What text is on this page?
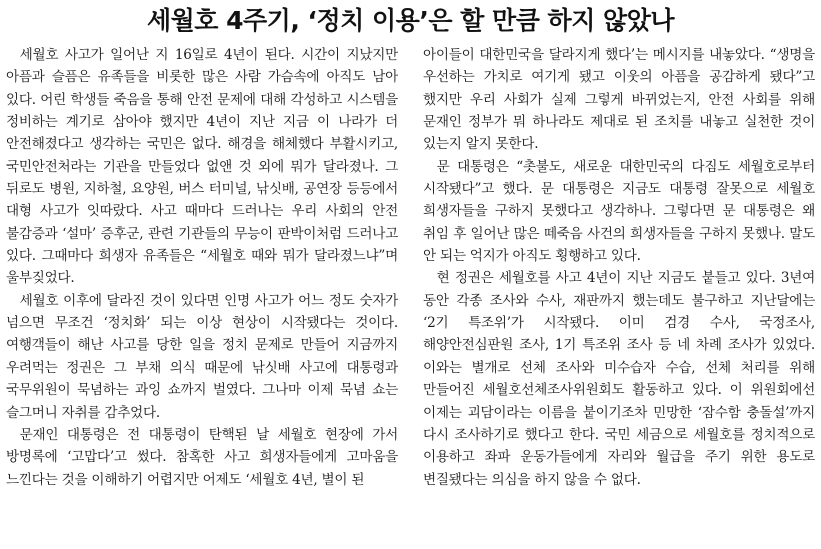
세월호 4주기, ‘정치 이용’은 할 만큼 하지 않았나

세월호 사고가 일어난 지 16일로 4년이 된다. 시간이 지났지만 아픔과 슬픔은 유족들을 비롯한 많은 사람 가슴속에 아직도 남아 있다. 어린 학생들 죽음을 통해 안전 문제에 대해 각성하고 시스템을 정비하는 계기로 삼아야 했지만 4년이 지난 지금 이 나라가 더 안전해졌다고 생각하는 국민은 없다. 해경을 해체했다 부활시키고, 국민안전처라는 기관을 만들었다 없앤 것 외에 뭐가 달라졌나. 그 뒤로도 병원, 지하철, 요양원, 버스 터미널, 낚싯배, 공연장 등등에서 대형 사고가 잇따랐다. 사고 때마다 드러나는 우리 사회의 안전 불감증과 ‘설마’ 증후군, 관련 기관들의 무능이 판박이처럼 드러나고 있다. 그때마다 희생자 유족들은 “세월호 때와 뭐가 달라졌느냐”며 울부짖었다.

세월호 이후에 달라진 것이 있다면 인명 사고가 어느 정도 숫자가 넘으면 무조건 ‘정치화’ 되는 이상 현상이 시작됐다는 것이다. 여행객들이 해난 사고를 당한 일을 정치 문제로 만들어 지금까지 우려먹는 정권은 그 부채 의식 때문에 낚싯배 사고에 대통령과 국무위원이 묵념하는 과잉 쇼까지 벌였다. 그나마 이제 묵념 쇼는 슬그머니 자취를 감추었다.

문재인 대통령은 전 대통령이 탄핵된 날 세월호 현장에 가서 방명록에 ‘고맙다’고 썼다. 참혹한 사고 희생자들에게 고마움을 느낀다는 것을 이해하기 어렵지만 어제도 ‘세월호 4년, 별이 된

아이들이 대한민국을 달라지게 했다’는 메시지를 내놓았다. “생명을 우선하는 가치로 여기게 됐고 이웃의 아픔을 공감하게 됐다”고 했지만 우리 사회가 실제 그렇게 바뀌었는지, 안전 사회를 위해 문재인 정부가 뭐 하나라도 제대로 된 조치를 내놓고 실천한 것이 있는지 알지 못한다.

문 대통령은 “촛불도, 새로운 대한민국의 다짐도 세월호로부터 시작됐다”고 했다. 문 대통령은 지금도 대통령 잘못으로 세월호 희생자들을 구하지 못했다고 생각하나. 그렇다면 문 대통령은 왜 취임 후 일어난 많은 떼죽음 사건의 희생자들을 구하지 못했나. 말도 안 되는 억지가 아직도 횡행하고 있다.

현 정권은 세월호를 사고 4년이 지난 지금도 붙들고 있다. 3년여 동안 각종 조사와 수사, 재판까지 했는데도 불구하고 지난달에는 ‘2기 특조위’가 시작됐다. 이미 검경 수사, 국정조사, 해양안전심판원 조사, 1기 특조위 조사 등 네 차례 조사가 있었다. 이와는 별개로 선체 조사와 미수습자 수습, 선체 처리를 위해 만들어진 세월호선체조사위원회도 활동하고 있다. 이 위원회에선 이제는 괴담이라는 이름을 붙이기조차 민망한 ‘잠수함 충돌설’까지 다시 조사하기로 했다고 한다. 국민 세금으로 세월호를 정치적으로 이용하고 좌파 운동가들에게 자리와 월급을 주기 위한 용도로 변질됐다는 의심을 하지 않을 수 없다.
